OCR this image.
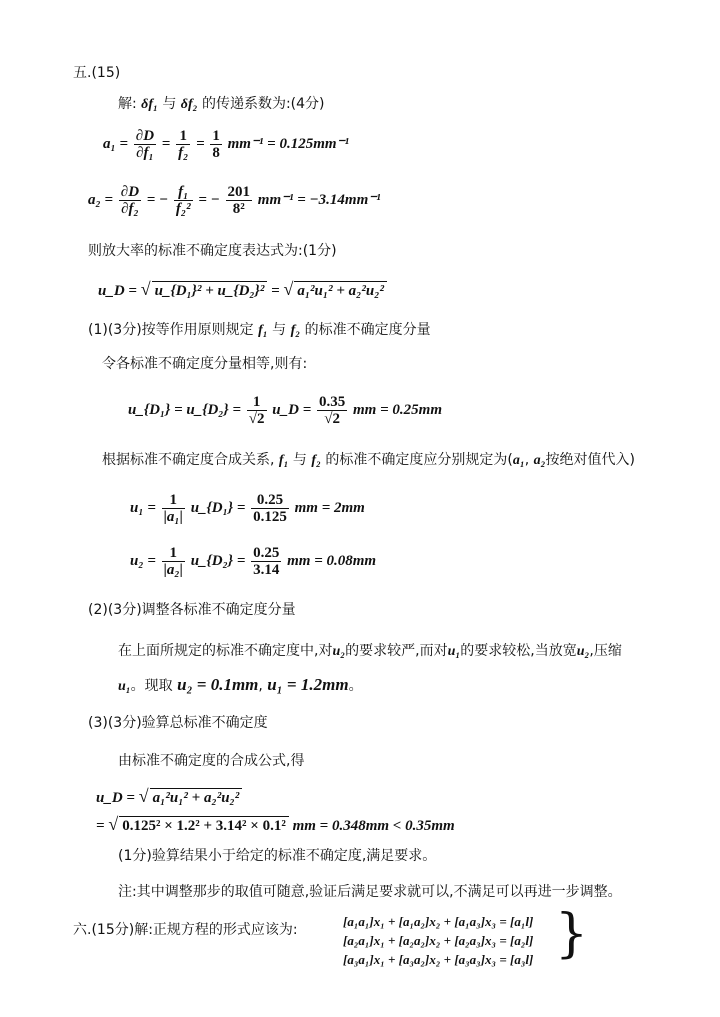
五.(15)
解: δf₁ 与 δf₂ 的传递系数为:(4分)
$a_1 = \frac{\partial D}{\text{∂f₁}} = \frac{1}{\text{f₂}} = \frac{1}{8} mm^{-1} = 0.125mm^{-1}$
$a_2 = \frac{\partial D}{\text{∂f₂}}$ = − $\frac{\text{f₁}}{\text{f₂²}}$ = − $\frac{201}{\text{8²}} mm^{-1} = -3.14mm^{-1}$
则放大率的标准不确定度表达式为:(1分)
u_D = √ u_{D₁}² + u_{D₂}² = √ a₁²u₁² + a₂²u₂²
(1)(3分)按等作用原则规定 f₁ 与 f₂ 的标准不确定度分量
令各标准不确定度分量相等,则有:
u_{D₁} = u_{D₂} = $\frac{1}{√2}$ u_D = $\frac{0.35}{√2}$ mm = 0.25mm
根据标准不确定度合成关系, f₁ 与 f₂ 的标准不确定度应分别规定为(a₁, a₂按绝对值代入)
$u_1 = \frac{1}{\text{|a₁|}}$ u_{D₁} = $\frac{0.25}{0.125}$ mm = 2mm
$u_2 = \frac{1}{\text{|a₂|}}$ u_{D₂} = $\frac{0.25}{3.14}$ mm = 0.08mm
(2)(3分)调整各标准不确定度分量
在上面所规定的标准不确定度中,对u₂的要求较严,而对u₁的要求较松,当放宽u₂,压缩
u₁。现取 u₂ = 0.1mm, u₁ = 1.2mm。
(3)(3分)验算总标准不确定度
由标准不确定度的合成公式,得
u_D = √ a₁²u₁² + a₂²u₂²
= √ 0.125² × 1.2² + 3.14² × 0.1² mm = 0.348mm < 0.35mm
(1分)验算结果小于给定的标准不确定度,满足要求。
注:其中调整那步的取值可随意,验证后满足要求就可以,不满足可以再进一步调整。
六.(15分)解:正规方程的形式应该为:
[a₁a₁]x₁ + [a₁a₂]x₂ + [a₁a₃]x₃ = [a₁l]
[a₂a₁]x₁ + [a₂a₂]x₂ + [a₂a₃]x₃ = [a₂l]
[a₃a₁]x₁ + [a₃a₂]x₂ + [a₃a₃]x₃ = [a₃l] }
